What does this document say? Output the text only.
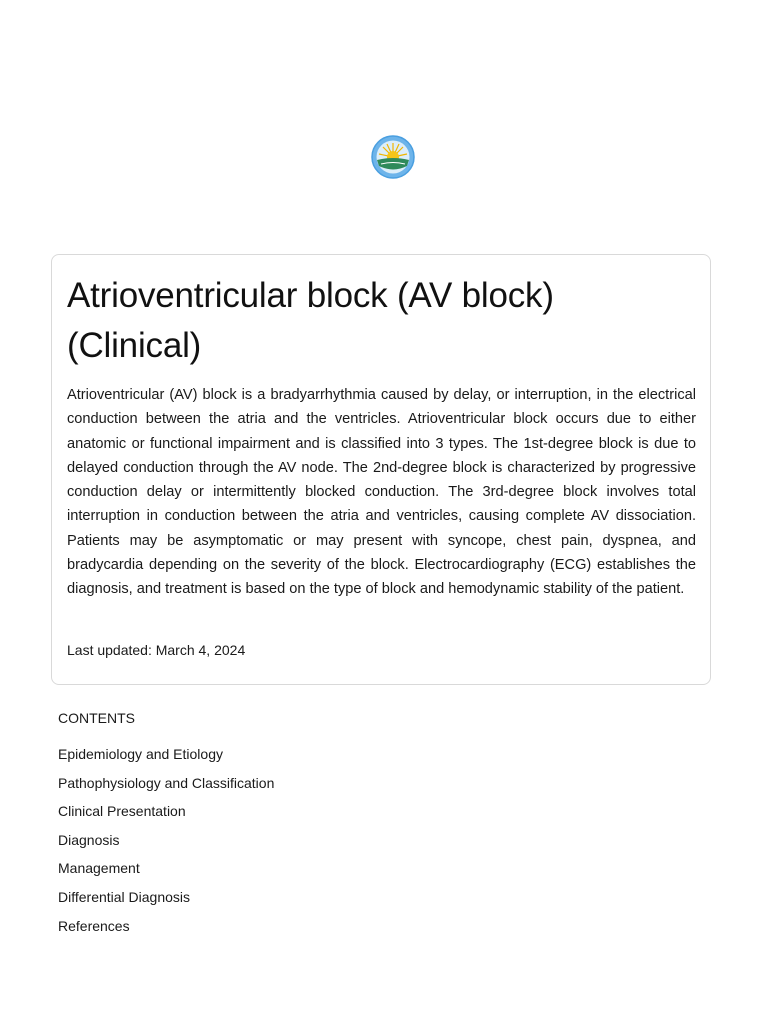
Atrioventricular block (AV block) (Clinical)

Atrioventricular (AV) block is a bradyarrhythmia caused by delay, or interruption, in the electrical conduction between the atria and the ventricles. Atrioventricular block occurs due to either anatomic or functional impairment and is classified into 3 types. The 1st-degree block is due to delayed conduction through the AV node. The 2nd-degree block is characterized by progressive conduction delay or intermittently blocked conduction. The 3rd-degree block involves total interruption in conduction between the atria and ventricles, causing complete AV dissociation. Patients may be asymptomatic or may present with syncope, chest pain, dyspnea, and bradycardia depending on the severity of the block. Electrocardiography (ECG) establishes the diagnosis, and treatment is based on the type of block and hemodynamic stability of the patient.

Last updated: March 4, 2024

CONTENTS
Epidemiology and Etiology
Pathophysiology and Classification
Clinical Presentation
Diagnosis
Management
Differential Diagnosis
References
